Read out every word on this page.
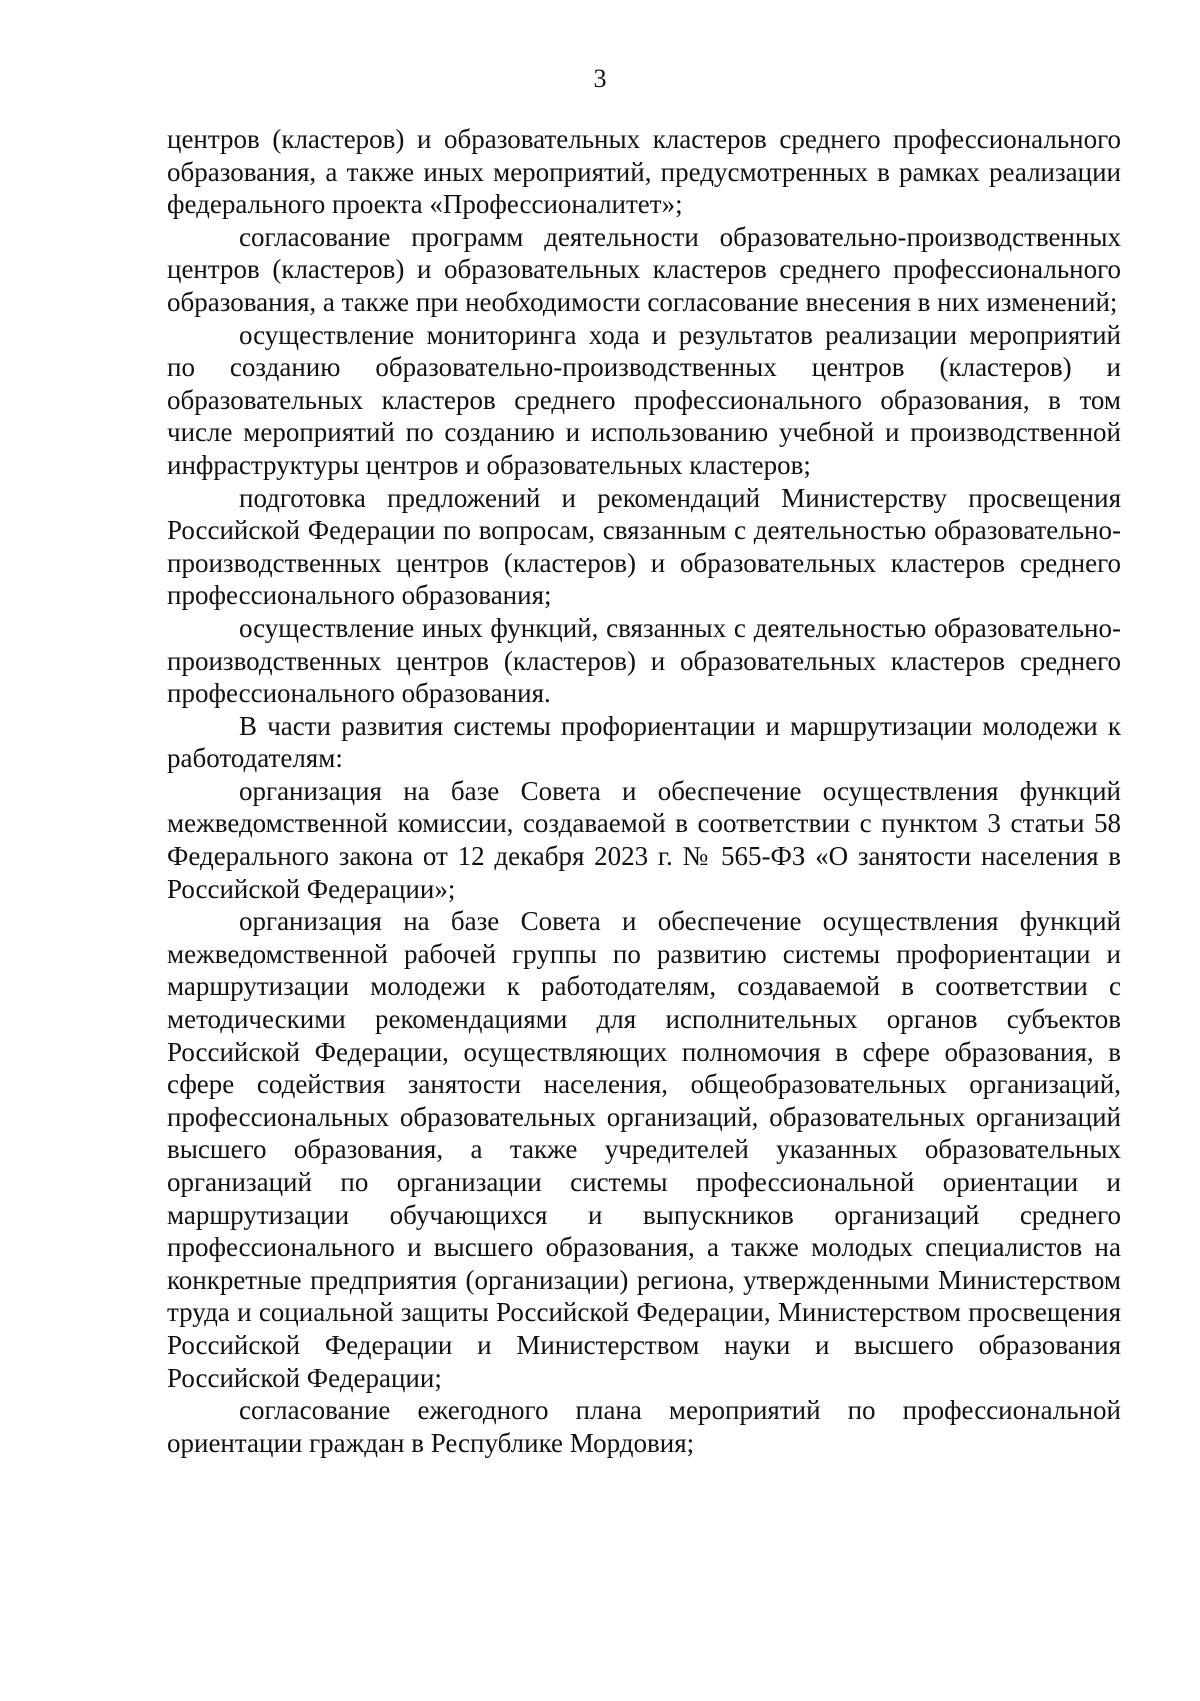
3

центров (кластеров) и образовательных кластеров среднего профессионального образования, а также иных мероприятий, предусмотренных в рамках реализации федерального проекта «Профессионалитет»;

согласование программ деятельности образовательно-производственных центров (кластеров) и образовательных кластеров среднего профессионального образования, а также при необходимости согласование внесения в них изменений;

осуществление мониторинга хода и результатов реализации мероприятий по созданию образовательно-производственных центров (кластеров) и образовательных кластеров среднего профессионального образования, в том числе мероприятий по созданию и использованию учебной и производственной инфраструктуры центров и образовательных кластеров;

подготовка предложений и рекомендаций Министерству просвещения Российской Федерации по вопросам, связанным с деятельностью образовательно-производственных центров (кластеров) и образовательных кластеров среднего профессионального образования;

осуществление иных функций, связанных с деятельностью образовательно-производственных центров (кластеров) и образовательных кластеров среднего профессионального образования.

В части развития системы профориентации и маршрутизации молодежи к работодателям:

организация на базе Совета и обеспечение осуществления функций межведомственной комиссии, создаваемой в соответствии с пунктом 3 статьи 58 Федерального закона от 12 декабря 2023 г. № 565-ФЗ «О занятости населения в Российской Федерации»;

организация на базе Совета и обеспечение осуществления функций межведомственной рабочей группы по развитию системы профориентации и маршрутизации молодежи к работодателям, создаваемой в соответствии с методическими рекомендациями для исполнительных органов субъектов Российской Федерации, осуществляющих полномочия в сфере образования, в сфере содействия занятости населения, общеобразовательных организаций, профессиональных образовательных организаций, образовательных организаций высшего образования, а также учредителей указанных образовательных организаций по организации системы профессиональной ориентации и маршрутизации обучающихся и выпускников организаций среднего профессионального и высшего образования, а также молодых специалистов на конкретные предприятия (организации) региона, утвержденными Министерством труда и социальной защиты Российской Федерации, Министерством просвещения Российской Федерации и Министерством науки и высшего образования Российской Федерации;

согласование ежегодного плана мероприятий по профессиональной ориентации граждан в Республике Мордовия;
